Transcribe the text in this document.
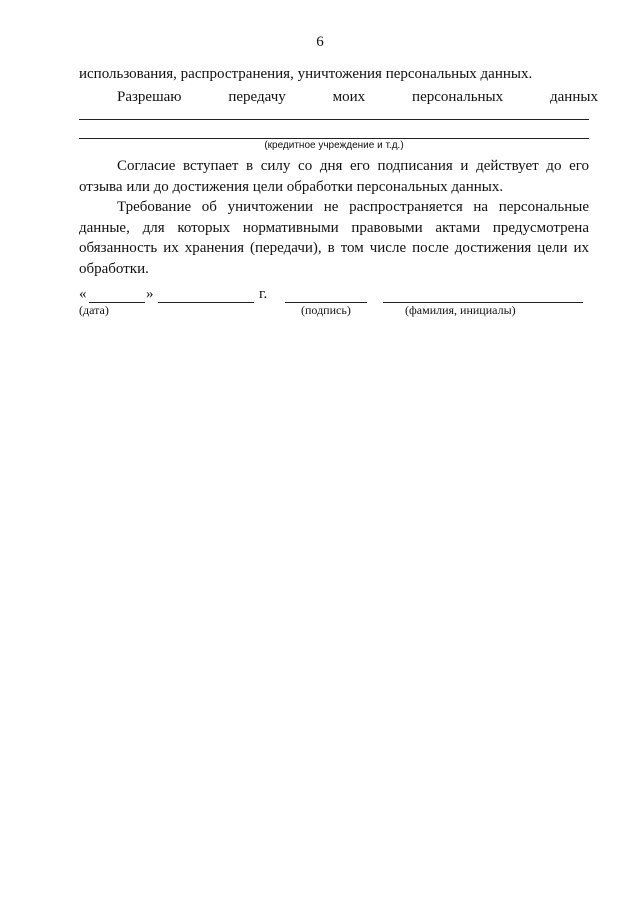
6
использования, распространения, уничтожения персональных данных.
Разрешаю	передачу	моих	персональных	данных
(кредитное учреждение и т.д.)
Согласие вступает в силу со дня его подписания и действует до его отзыва или до достижения цели обработки персональных данных.
Требование об уничтожении не распространяется на персональные данные, для которых нормативными правовыми актами предусмотрена обязанность их хранения (передачи), в том числе после достижения цели их обработки.
«	»	г.
(дата)	(подпись)	(фамилия, инициалы)
